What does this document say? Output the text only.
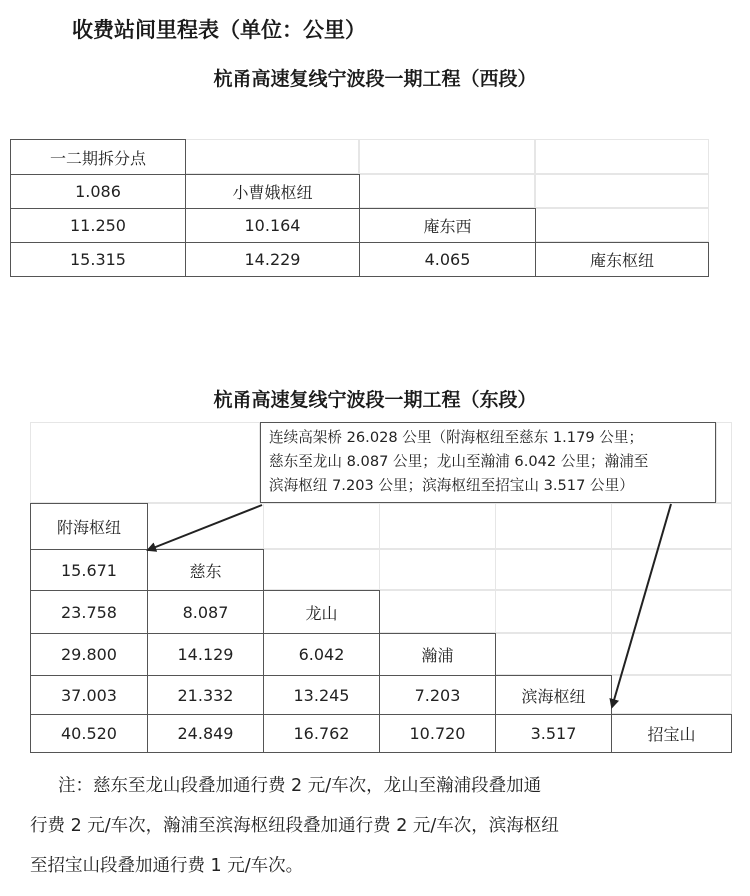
收费站间里程表（单位：公里）
杭甬高速复线宁波段一期工程（西段）
一二期拆分点
1.086	小曹娥枢纽
11.250	10.164	庵东西
15.315	14.229	4.065	庵东枢纽
杭甬高速复线宁波段一期工程（东段）
附海枢纽
15.671	慈东
23.758	8.087	龙山
29.800	14.129	6.042	瀚浦
37.003	21.332	13.245	7.203	滨海枢纽
40.520	24.849	16.762	10.720	3.517	招宝山
连续高架桥 26.028 公里（附海枢纽至慈东 1.179 公里；
慈东至龙山 8.087 公里；龙山至瀚浦 6.042 公里；瀚浦至
滨海枢纽 7.203 公里；滨海枢纽至招宝山 3.517 公里）

注：慈东至龙山段叠加通行费 2 元/车次，龙山至瀚浦段叠加通

行费 2 元/车次，瀚浦至滨海枢纽段叠加通行费 2 元/车次，滨海枢纽

至招宝山段叠加通行费 1 元/车次。
